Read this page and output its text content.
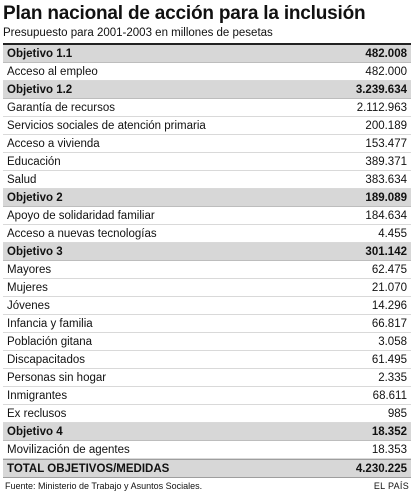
Plan nacional de acción para la inclusión
Presupuesto para 2001-2003 en millones de pesetas
Objetivo 1.1	482.008
Acceso al empleo	482.000
Objetivo 1.2	3.239.634
Garantía de recursos	2.112.963
Servicios sociales de atención primaria	200.189
Acceso a vivienda	153.477
Educación	389.371
Salud	383.634
Objetivo 2	189.089
Apoyo de solidaridad familiar	184.634
Acceso a nuevas tecnologías	4.455
Objetivo 3	301.142
Mayores	62.475
Mujeres	21.070
Jóvenes	14.296
Infancia y familia	66.817
Población gitana	3.058
Discapacitados	61.495
Personas sin hogar	2.335
Inmigrantes	68.611
Ex reclusos	985
Objetivo 4	18.352
Movilización de agentes	18.353
TOTAL OBJETIVOS/MEDIDAS	4.230.225
Fuente: Ministerio de Trabajo y Asuntos Sociales.	EL PAÍS
